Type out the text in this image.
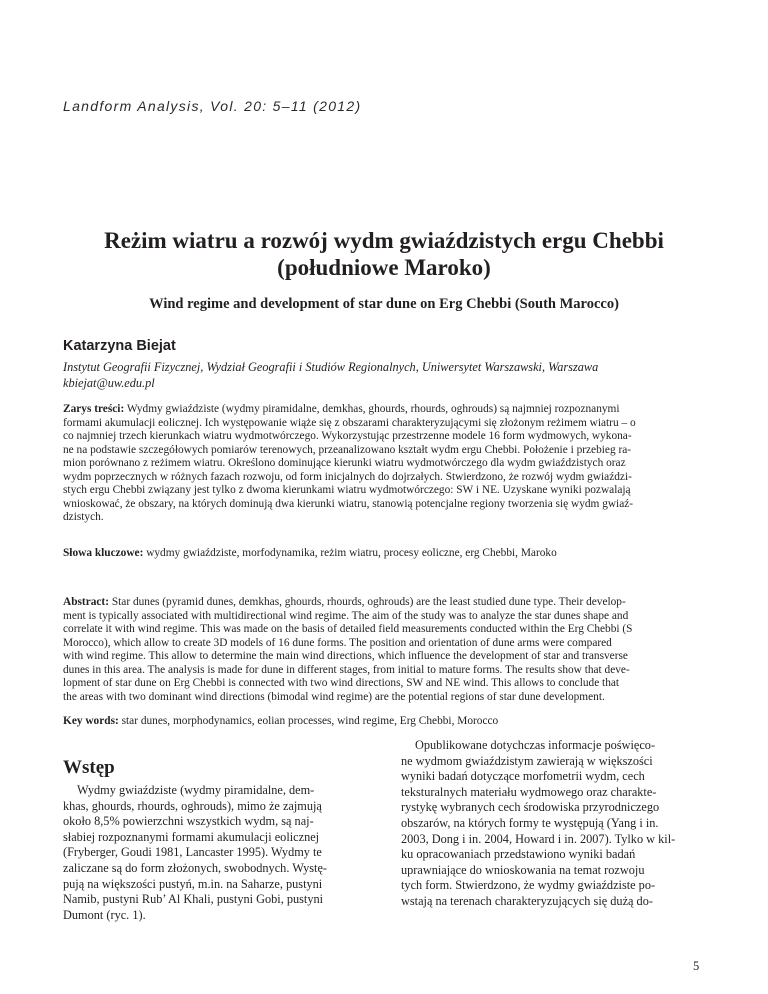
Landform Analysis, Vol. 20: 5–11 (2012)
Reżim wiatru a rozwój wydm gwiaździstych ergu Chebbi
(południowe Maroko)
Wind regime and development of star dune on Erg Chebbi (South Marocco)
Katarzyna Biejat
Instytut Geografii Fizycznej, Wydział Geografii i Studiów Regionalnych, Uniwersytet Warszawski, Warszawa
kbiejat@uw.edu.pl
Zarys treści: Wydmy gwiaździste (wydmy piramidalne, demkhas, ghourds, rhourds, oghrouds) są najmniej rozpoznanymi
formami akumulacji eolicznej. Ich występowanie wiąże się z obszarami charakteryzującymi się złożonym reżimem wiatru – o
co najmniej trzech kierunkach wiatru wydmotwórczego. Wykorzystując przestrzenne modele 16 form wydmowych, wykona-
ne na podstawie szczegółowych pomiarów terenowych, przeanalizowano kształt wydm ergu Chebbi. Położenie i przebieg ra-
mion porównano z reżimem wiatru. Określono dominujące kierunki wiatru wydmotwórczego dla wydm gwiaździstych oraz
wydm poprzecznych w różnych fazach rozwoju, od form inicjalnych do dojrzałych. Stwierdzono, że rozwój wydm gwiaździ-
stych ergu Chebbi związany jest tylko z dwoma kierunkami wiatru wydmotwórczego: SW i NE. Uzyskane wyniki pozwalają
wnioskować, że obszary, na których dominują dwa kierunki wiatru, stanowią potencjalne regiony tworzenia się wydm gwiaź-
dzistych.
Słowa kluczowe: wydmy gwiaździste, morfodynamika, reżim wiatru, procesy eoliczne, erg Chebbi, Maroko
Abstract: Star dunes (pyramid dunes, demkhas, ghourds, rhourds, oghrouds) are the least studied dune type. Their develop-
ment is typically associated with multidirectional wind regime. The aim of the study was to analyze the star dunes shape and
correlate it with wind regime. This was made on the basis of detailed field measurements conducted within the Erg Chebbi (S
Morocco), which allow to create 3D models of 16 dune forms. The position and orientation of dune arms were compared
with wind regime. This allow to determine the main wind directions, which influence the development of star and transverse
dunes in this area. The analysis is made for dune in different stages, from initial to mature forms. The results show that deve-
lopment of star dune on Erg Chebbi is connected with two wind directions, SW and NE wind. This allows to conclude that
the areas with two dominant wind directions (bimodal wind regime) are the potential regions of star dune development.
Key words: star dunes, morphodynamics, eolian processes, wind regime, Erg Chebbi, Morocco
Wstęp
Wydmy gwiaździste (wydmy piramidalne, dem-
khas, ghourds, rhourds, oghrouds), mimo że zajmują
około 8,5% powierzchni wszystkich wydm, są naj-
słabiej rozpoznanymi formami akumulacji eolicznej
(Fryberger, Goudi 1981, Lancaster 1995). Wydmy te
zaliczane są do form złożonych, swobodnych. Wystę-
pują na większości pustyń, m.in. na Saharze, pustyni
Namib, pustyni Rub’ Al Khali, pustyni Gobi, pustyni
Dumont (ryc. 1).
Opublikowane dotychczas informacje poświęco-
ne wydmom gwiaździstym zawierają w większości
wyniki badań dotyczące morfometrii wydm, cech
teksturalnych materiału wydmowego oraz charakte-
rystykę wybranych cech środowiska przyrodniczego
obszarów, na których formy te występują (Yang i in.
2003, Dong i in. 2004, Howard i in. 2007). Tylko w kil-
ku opracowaniach przedstawiono wyniki badań
uprawniające do wnioskowania na temat rozwoju
tych form. Stwierdzono, że wydmy gwiaździste po-
wstają na terenach charakteryzujących się dużą do-
5
